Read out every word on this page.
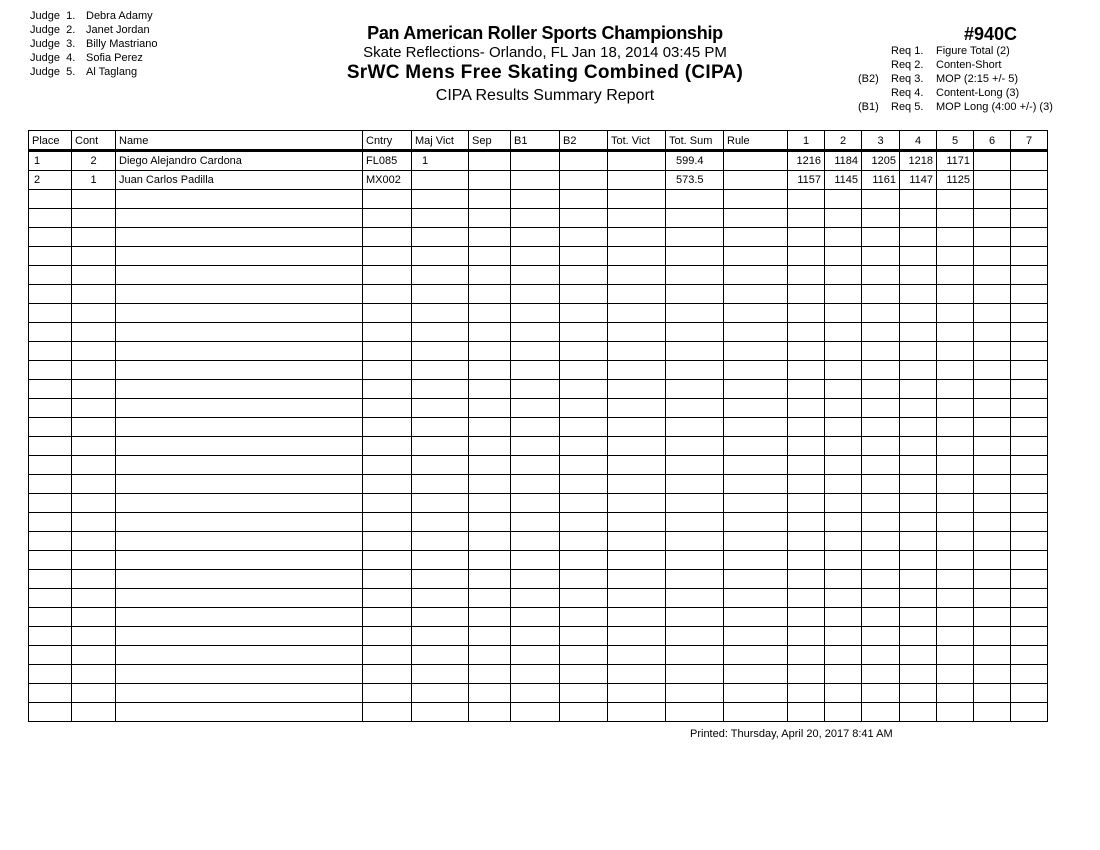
Judge  1. Debra Adamy
Judge  2. Janet Jordan
Judge  3. Billy Mastriano
Judge  4. Sofia Perez
Judge  5. Al Taglang
Pan American Roller Sports Championship
Skate Reflections- Orlando, FL Jan 18, 2014 03:45 PM
SrWC Mens Free Skating Combined (CIPA)
CIPA Results Summary Report
#940C
Req 1.	Figure Total (2)
Req 2.	Conten-Short
(B2)	Req 3.	MOP (2:15 +/- 5)
Req 4.	Content-Long (3)
(B1)	Req 5.	MOP Long (4:00 +/-) (3)
Place	Cont	Name	Cntry	Maj Vict	Sep	B1	B2	Tot. Vict	Tot. Sum	Rule	1	2	3	4	5	6	7
1	2	Diego Alejandro Cardona	FL085	1					599.4		1216	1184	1205	1218	1171		
2	1	Juan Carlos Padilla	MX002						573.5		1157	1145	1161	1147	1125		

Printed: Thursday, April 20, 2017 8:41 AM
